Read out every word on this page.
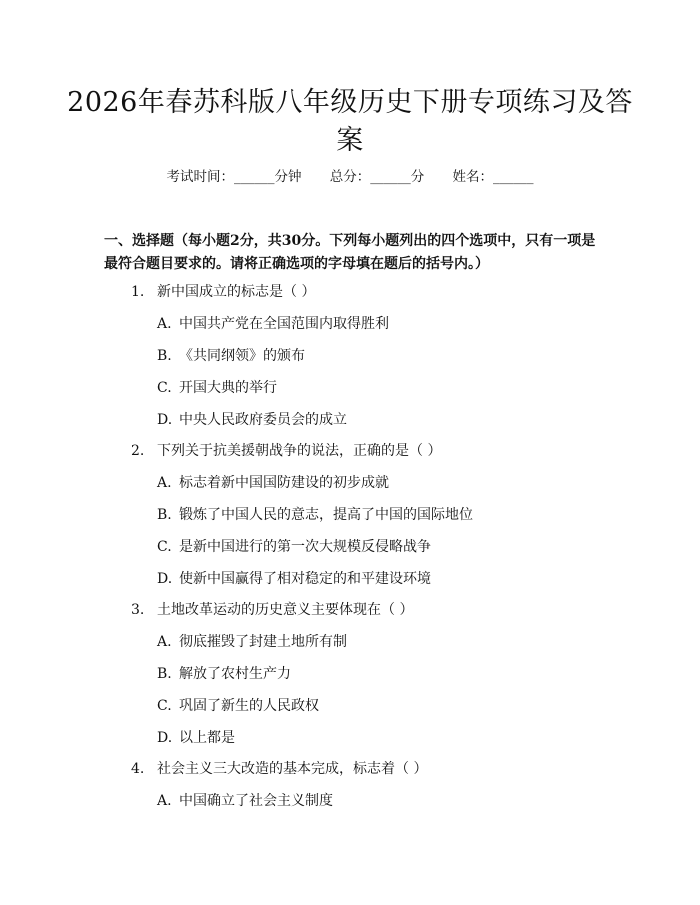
2026年春苏科版八年级历史下册专项练习及答案
考试时间：______分钟 总分：______分 姓名：______
一、选择题（每小题2分，共30分。下列每小题列出的四个选项中，只有一项是最符合题目要求的。请将正确选项的字母填在题后的括号内。）
1. 新中国成立的标志是（ ）
A. 中国共产党在全国范围内取得胜利
B. 《共同纲领》的颁布
C. 开国大典的举行
D. 中央人民政府委员会的成立
2. 下列关于抗美援朝战争的说法，正确的是（ ）
A. 标志着新中国国防建设的初步成就
B. 锻炼了中国人民的意志，提高了中国的国际地位
C. 是新中国进行的第一次大规模反侵略战争
D. 使新中国赢得了相对稳定的和平建设环境
3. 土地改革运动的历史意义主要体现在（ ）
A. 彻底摧毁了封建土地所有制
B. 解放了农村生产力
C. 巩固了新生的人民政权
D. 以上都是
4. 社会主义三大改造的基本完成，标志着（ ）
A. 中国确立了社会主义制度
